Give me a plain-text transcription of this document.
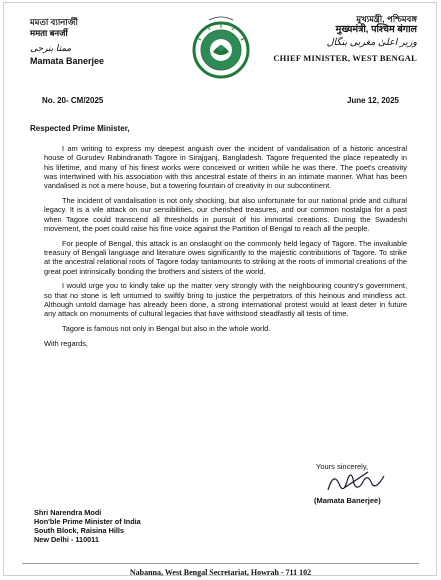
মমতা ব্যানার্জী
ममता बनर्जी
ممتا بنرجی
Mamata Banerjee
মুখ্যমন্ত্রী, পশ্চিমবঙ্গ
मुख्यमंत्री, पश्चिम बंगाल
وزیر اعلیٰ مغربی بنگال
CHIEF MINISTER, WEST BENGAL
No. 20- CM/2025	June 12, 2025
Respected Prime Minister,

I am writing to express my deepest anguish over the incident of vandalisation of a historic ancestral house of Gurudev Rabindranath Tagore in Sirajganj, Bangladesh. Tagore frequented the place repeatedly in his lifetime, and many of his finest works were conceived or written while he was there. The poet's creativity was intertwined with his association with this ancestral estate of theirs in an intimate manner. What has been vandalised is not a mere house, but a towering fountain of creativity in our subcontinent.

The incident of vandalisation is not only shocking, but also unfortunate for our national pride and cultural legacy. It is a vile attack on our sensibilities, our cherished treasures, and our common nostalgia for a past when Tagore could transcend all thresholds in pursuit of his immortal creations. During the Swadeshi movement, the poet could raise his fine voice against the Partition of Bengal to reach all the people.

For people of Bengal, this attack is an onslaught on the commonly held legacy of Tagore. The invaluable treasury of Bengali language and literature owes significantly to the majestic contributions of Tagore. To strike at the ancestral relational roots of Tagore today tantamounts to striking at the roots of immortal creations of the great poet intrinsically bonding the brothers and sisters of the world.

I would urge you to kindly take up the matter very strongly with the neighbouring country's government, so that no stone is left unturned to swiftly bring to justice the perpetrators of this heinous and mindless act. Although untold damage has already been done, a strong international protest would at least deter in future any attack on monuments of cultural legacies that have withstood steadfastly all tests of time.

Tagore is famous not only in Bengal but also in the whole world.

With regards,

Yours sincerely,
(Mamata Banerjee)
Shri Narendra Modi
Hon'ble Prime Minister of India
South Block, Raisina Hills
New Delhi - 110011
Nabanna, West Bengal Secretariat, Howrah - 711 102
